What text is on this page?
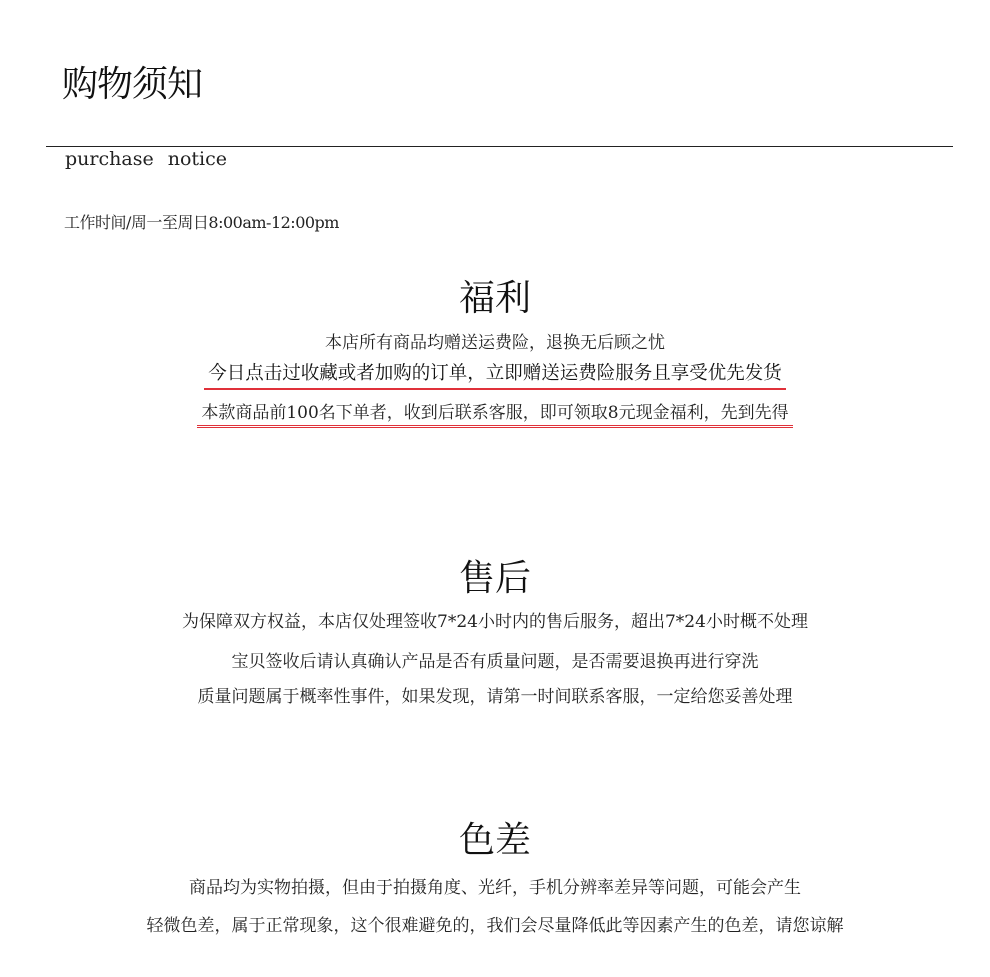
购物须知
purchase notice
工作时间/周一至周日8:00am-12:00pm
福利
本店所有商品均赠送运费险，退换无后顾之忧
今日点击过收藏或者加购的订单，立即赠送运费险服务且享受优先发货
本款商品前100名下单者，收到后联系客服，即可领取8元现金福利，先到先得
售后
为保障双方权益，本店仅处理签收7*24小时内的售后服务，超出7*24小时概不处理
宝贝签收后请认真确认产品是否有质量问题，是否需要退换再进行穿洗
质量问题属于概率性事件，如果发现，请第一时间联系客服，一定给您妥善处理
色差
商品均为实物拍摄，但由于拍摄角度、光纤，手机分辨率差异等问题，可能会产生
轻微色差，属于正常现象，这个很难避免的，我们会尽量降低此等因素产生的色差，请您谅解
